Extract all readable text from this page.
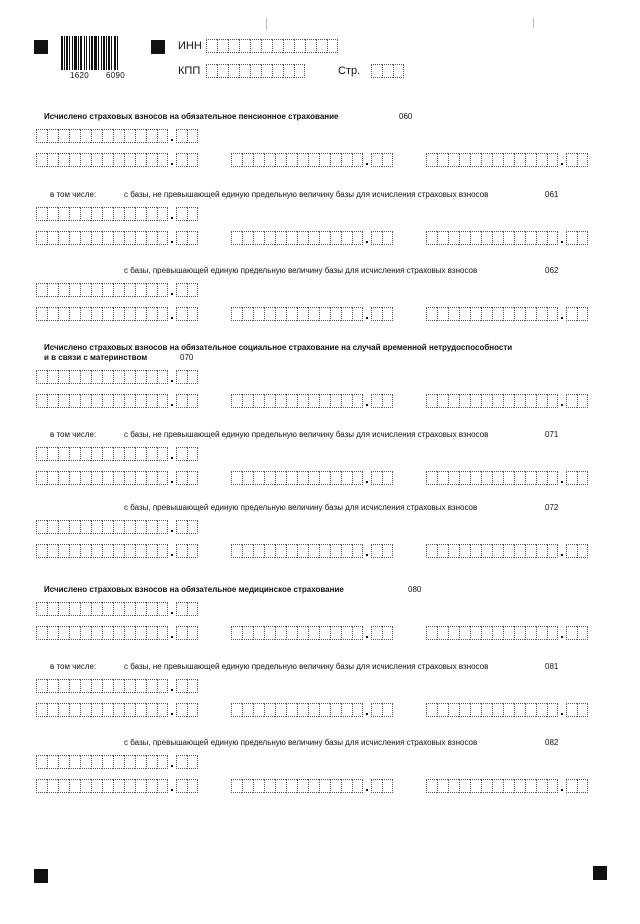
1620 6090
ИНН
КПП	Стр.
Исчислено страховых взносов на обязательное пенсионное страхование	060
в том числе:	с базы, не превышающей единую предельную величину базы для исчисления страховых взносов	061
с базы, превышающей единую предельную величину базы для исчисления страховых взносов	062
Исчислено страховых взносов на обязательное социальное страхование на случай временной нетрудоспособности
и в связи с материнством	070
в том числе:	с базы, не превышающей единую предельную величину базы для исчисления страховых взносов	071
с базы, превышающей единую предельную величину базы для исчисления страховых взносов	072
Исчислено страховых взносов на обязательное медицинское страхование	080
в том числе:	с базы, не превышающей единую предельную величину базы для исчисления страховых взносов	081
с базы, превышающей единую предельную величину базы для исчисления страховых взносов	082
